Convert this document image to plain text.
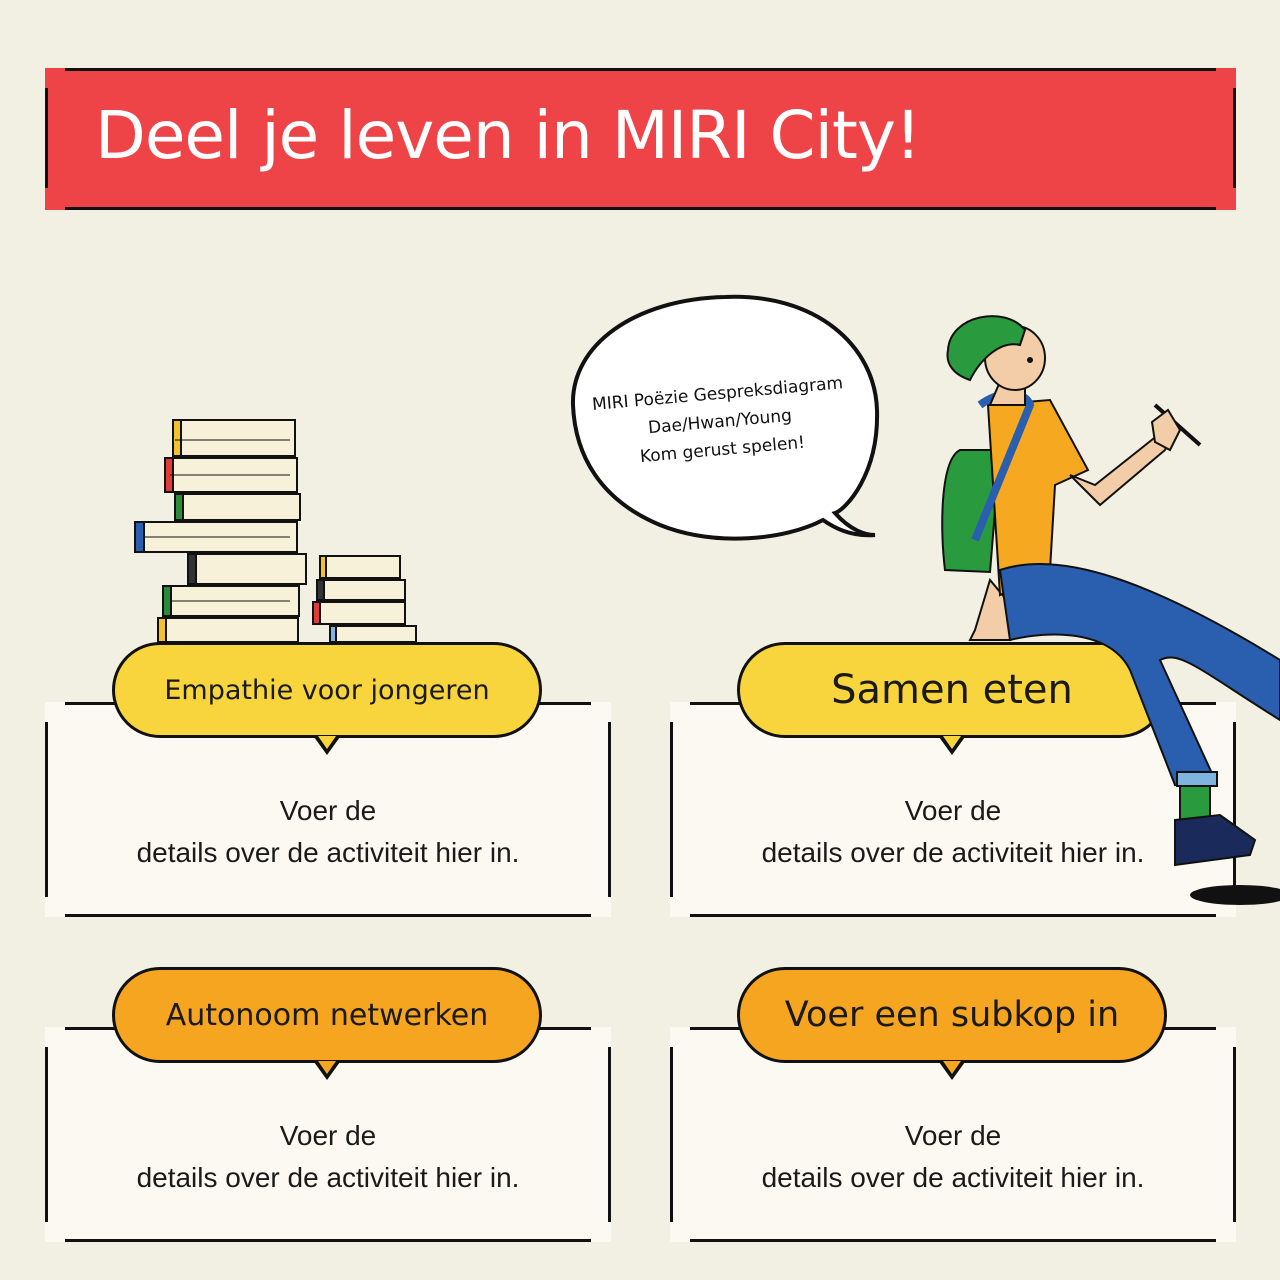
Deel je leven in MIRI City!
MIRI Poëzie Gespreksdiagram
Dae/Hwan/Young
Kom gerust spelen!
Voer de
details over de activiteit hier in.
Empathie voor jongeren
Voer de
details over de activiteit hier in.
Samen eten
Voer de
details over de activiteit hier in.
Autonoom netwerken
Voer de
details over de activiteit hier in.
Voer een subkop in
